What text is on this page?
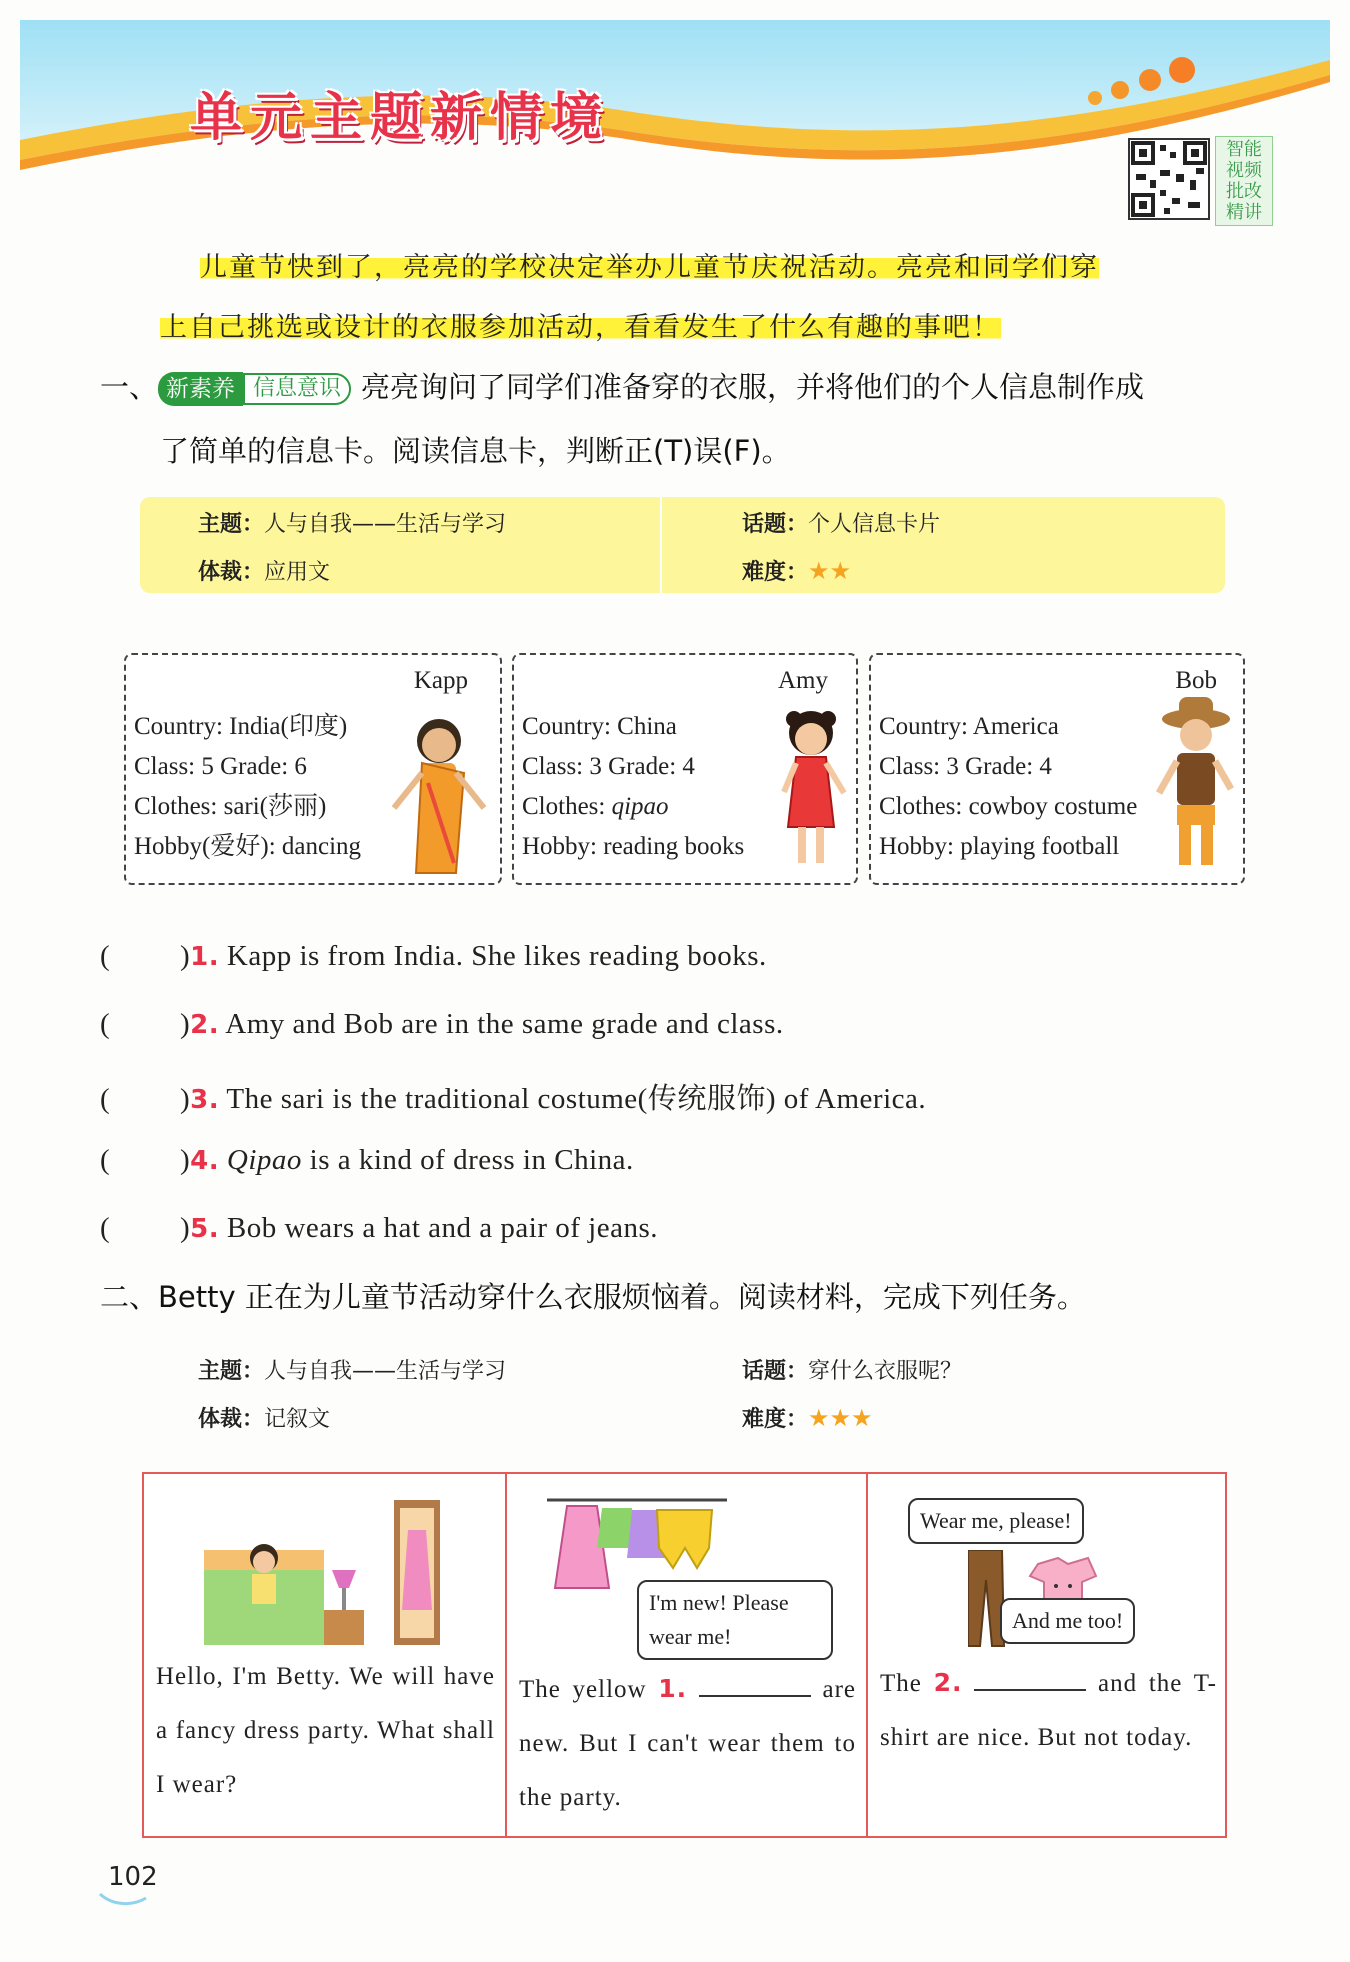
单元主题新情境
智能视频批改精讲
儿童节快到了，亮亮的学校决定举办儿童节庆祝活动。亮亮和同学们穿
上自己挑选或设计的衣服参加活动，看看发生了什么有趣的事吧！
一、 新素养 信息意识 亮亮询问了同学们准备穿的衣服，并将他们的个人信息制作成
了简单的信息卡。阅读信息卡，判断正(T)误(F)。
主题：人与自我——生活与学习	话题：个人信息卡片
体裁：应用文	难度：★★
Kapp
Country: India(印度)
Class: 5 Grade: 6
Clothes: sari(莎丽)
Hobby(爱好): dancing
Amy
Country: China
Class: 3 Grade: 4
Clothes: qipao
Hobby: reading books
Bob
Country: America
Class: 3 Grade: 4
Clothes: cowboy costume
Hobby: playing football
( )1. Kapp is from India. She likes reading books.
( )2. Amy and Bob are in the same grade and class.
( )3. The sari is the traditional costume(传统服饰) of America.
( )4. Qipao is a kind of dress in China.
( )5. Bob wears a hat and a pair of jeans.
二、Betty 正在为儿童节活动穿什么衣服烦恼着。阅读材料，完成下列任务。
主题：人与自我——生活与学习	话题：穿什么衣服呢？
体裁：记叙文	难度：★★★
Hello, I'm Betty. We will have a fancy dress party. What shall I wear?
I'm new! Please wear me!
The yellow 1.	are new. But I can't wear them to the party.
Wear me, please!
And me too!
The 2.	and the T-shirt are nice. But not today.
102
